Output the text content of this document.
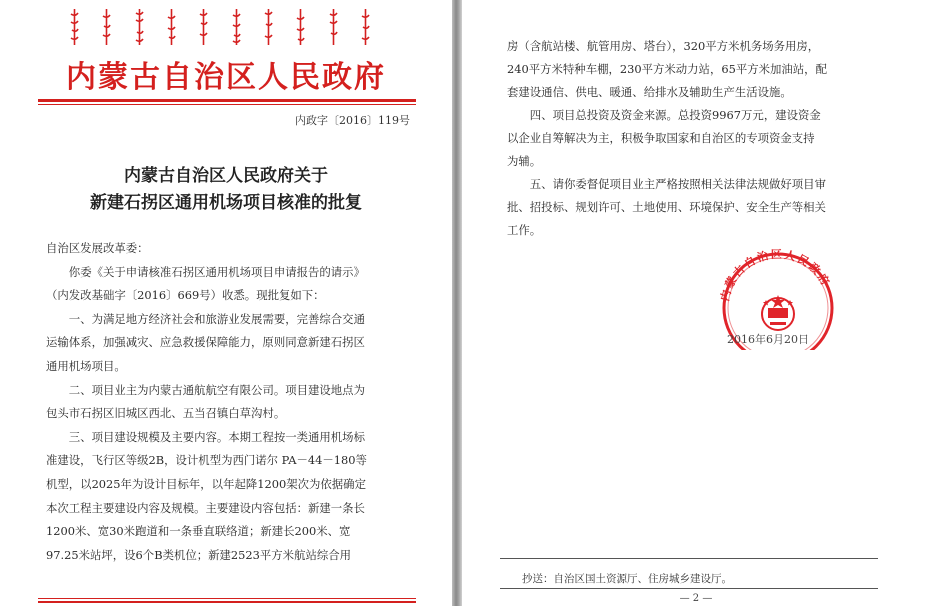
内蒙古自治区人民政府
内政字〔2016〕119号
内蒙古自治区人民政府关于
新建石拐区通用机场项目核准的批复

自治区发展改革委：

你委《关于申请核准石拐区通用机场项目申请报告的请示》

（内发改基础字〔2016〕669号）收悉。现批复如下：

一、为满足地方经济社会和旅游业发展需要，完善综合交通

运输体系，加强减灾、应急救援保障能力，原则同意新建石拐区

通用机场项目。

二、项目业主为内蒙古通航航空有限公司。项目建设地点为

包头市石拐区旧城区西北、五当召镇白草沟村。

三、项目建设规模及主要内容。本期工程按一类通用机场标

准建设，飞行区等级2B，设计机型为西门诺尔 PA－44－180等

机型，以2025年为设计目标年，以年起降1200架次为依据确定

本次工程主要建设内容及规模。主要建设内容包括：新建一条长

1200米、宽30米跑道和一条垂直联络道；新建长200米、宽

97.25米站坪，设6个B类机位；新建2523平方米航站综合用

房（含航站楼、航管用房、塔台），320平方米机务场务用房，

240平方米特种车棚，230平方米动力站，65平方米加油站，配

套建设通信、供电、暖通、给排水及辅助生产生活设施。

四、项目总投资及资金来源。总投资9967万元，建设资金

以企业自筹解决为主，积极争取国家和自治区的专项资金支持

为辅。

五、请你委督促项目业主严格按照相关法律法规做好项目审

批、招投标、规划许可、土地使用、环境保护、安全生产等相关

工作。

内蒙古自治区人民政府
2016年6月20日
抄送：自治区国土资源厅、住房城乡建设厅。
— 2 —
